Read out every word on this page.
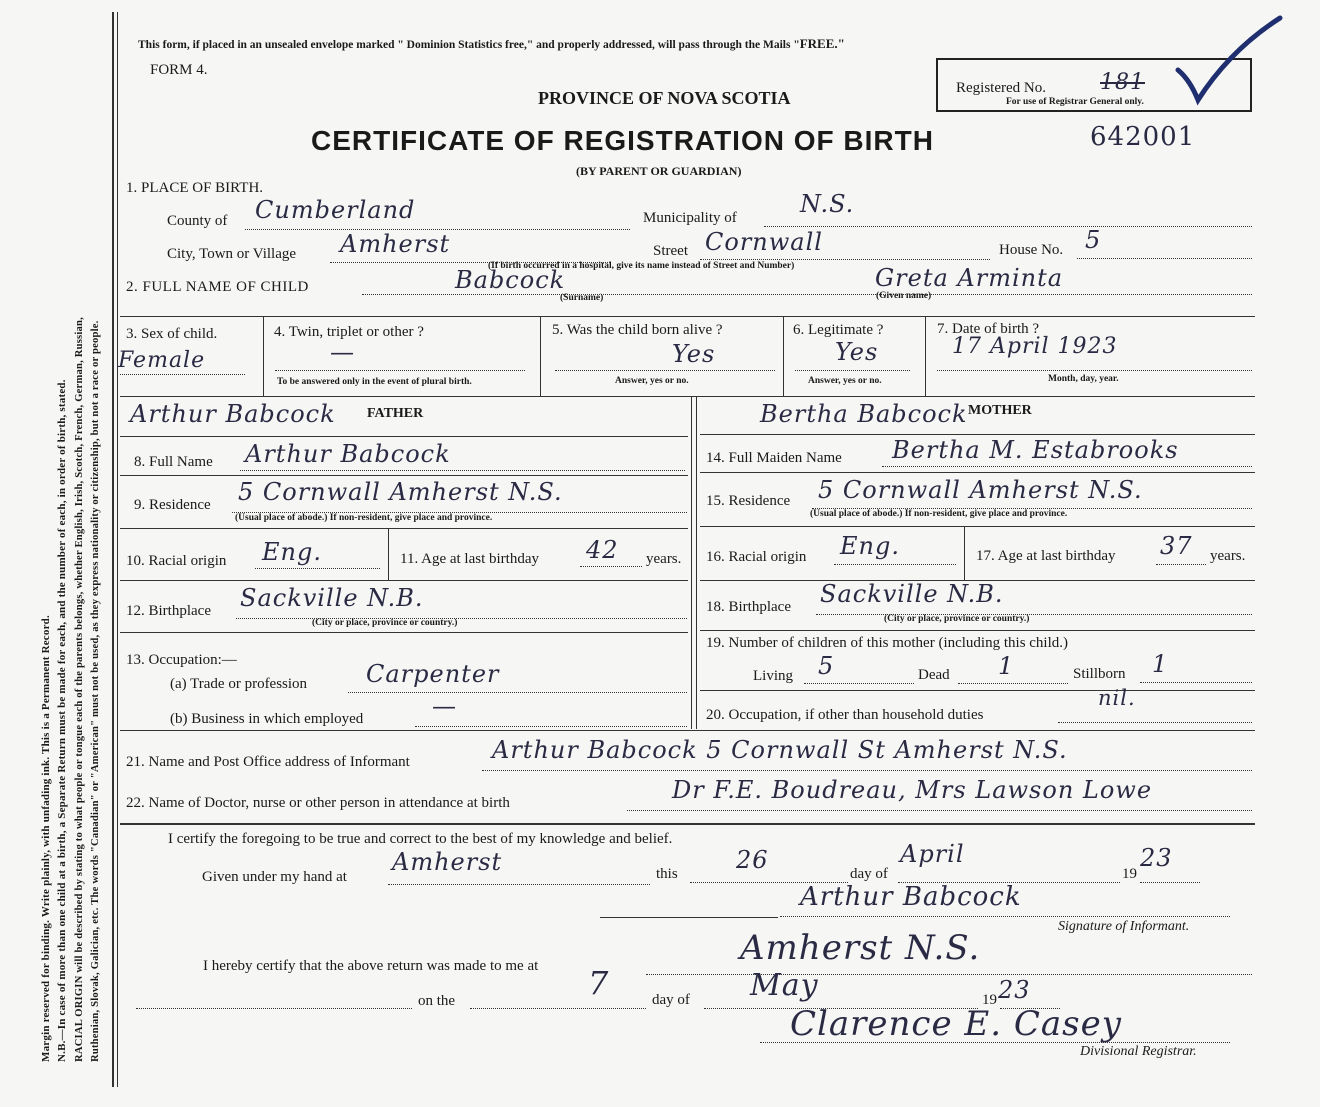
Margin reserved for binding. Write plainly, with unfading ink. This is a Permanent Record. N.B.—In case of more than one child at a birth, a Separate Return must be made for each, and the number of each, in order of birth, stated. RACIAL ORIGIN will be described by stating to what people or tongue each of the parents belongs, whether English, Irish, Scotch, French, German, Russian, Ruthenian, Slovak, Galician, etc. The words "Canadian" or "American" must not be used, as they express nationality or citizenship, but not a race or people.
This form, if placed in an unsealed envelope marked " Dominion Statistics free," and properly addressed, will pass through the Mails "FREE."
FORM 4.
PROVINCE OF NOVA SCOTIA
CERTIFICATE OF REGISTRATION OF BIRTH	642001
(BY PARENT OR GUARDIAN)
Registered No. 181
For use of Registrar General only.
1. PLACE OF BIRTH.
County of Cumberland	Municipality of	N.S.
City, Town or Village Amherst	Street Cornwall	House No. 5
(If birth occurred in a hospital, give its name instead of Street and Number)
2. FULL NAME OF CHILD	Babcock	Greta Arminta
(Surname)	(Given name)
3. Sex of child.
Female
4. Twin, triplet or other ?
—
To be answered only in the event of plural birth.
5. Was the child born alive ?
Yes
Answer, yes or no.
6. Legitimate ?
Yes
Answer, yes or no.
7. Date of birth ?
17 April 1923
Month, day, year.
Arthur Babcock FATHER	Bertha Babcock MOTHER
8. Full Name Arthur Babcock	14. Full Maiden Name Bertha M. Estabrooks
9. Residence 5 Cornwall Amherst N.S.
(Usual place of abode.) If non-resident, give place and province.
15. Residence 5 Cornwall Amherst N.S.
(Usual place of abode.) If non-resident, give place and province.
10. Racial origin Eng.	11. Age at last birthday 42 years. 16. Racial origin Eng.	17. Age at last birthday 37 years.
12. Birthplace Sackville N.B.
(City or place, province or country.)
18. Birthplace Sackville N.B.
(City or place, province or country.)
13. Occupation:—
(a) Trade or profession Carpenter
(b) Business in which employed	—
19. Number of children of this mother (including this child.)
Living 5	Dead 1	Stillborn 1
20. Occupation, if other than household duties
nil.
21. Name and Post Office address of Informant	Arthur Babcock 5 Cornwall St Amherst N.S.
22. Name of Doctor, nurse or other person in attendance at birth	Dr F.E. Boudreau, Mrs Lawson Lowe
I certify the foregoing to be true and correct to the best of my knowledge and belief.
Given under my hand at
Amherst	this 26	day of
April
19
23
Arthur Babcock
Signature of Informant.
I hereby certify that the above return was made to me at	Amherst N.S.
on the	7	day of May	19 23
Clarence E. Casey
Divisional Registrar.
